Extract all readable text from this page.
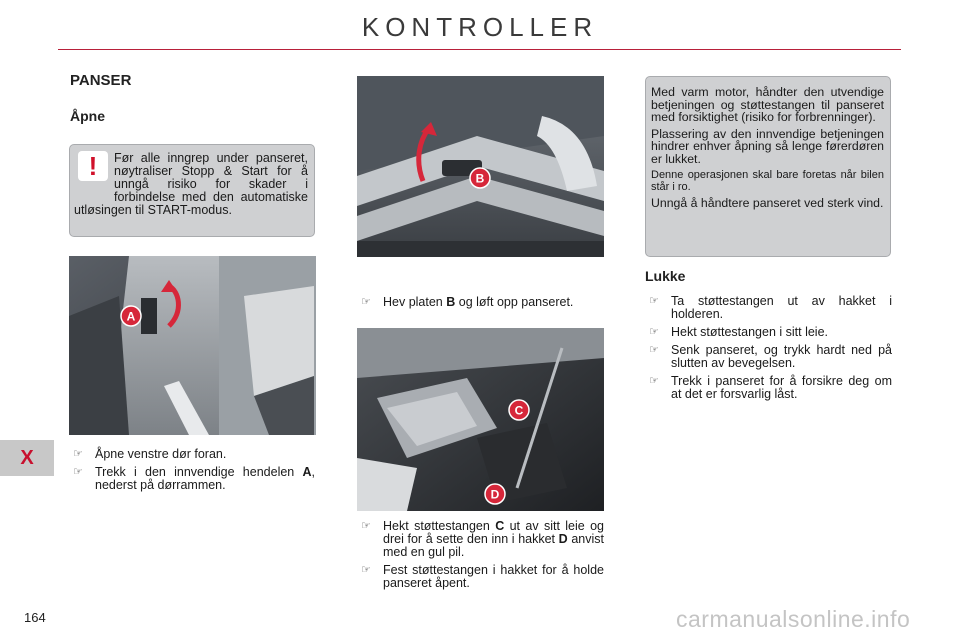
KONTROLLER
X
164
PANSER
Åpne
!	Før alle inngrep under panseret, nøytraliser Stopp & Start for å unngå risiko for skader i forbindelse med den automatiske utløsingen til START-modus.
A
☞ Åpne venstre dør foran.
☞ Trekk i den innvendige hendelen A, nederst på dørrammen.
B
☞ Hev platen B og løft opp panseret.
C
D
☞ Hekt støttestangen C ut av sitt leie og drei for å sette den inn i hakket D anvist med en gul pil.
☞ Fest støttestangen i hakket for å holde panseret åpent.

Med varm motor, håndter den utvendige betjeningen og støttestangen til panseret med forsiktighet (risiko for forbrenninger).

Plassering av den innvendige betjeningen hindrer enhver åpning så lenge førerdøren er lukket.

Denne operasjonen skal bare foretas når bilen står i ro.

Unngå å håndtere panseret ved sterk vind.

Lukke
☞ Ta støttestangen ut av hakket i holderen.
☞ Hekt støttestangen i sitt leie.
☞ Senk panseret, og trykk hardt ned på slutten av bevegelsen.
☞ Trekk i panseret for å forsikre deg om at det er forsvarlig låst.
carmanualsonline.info
